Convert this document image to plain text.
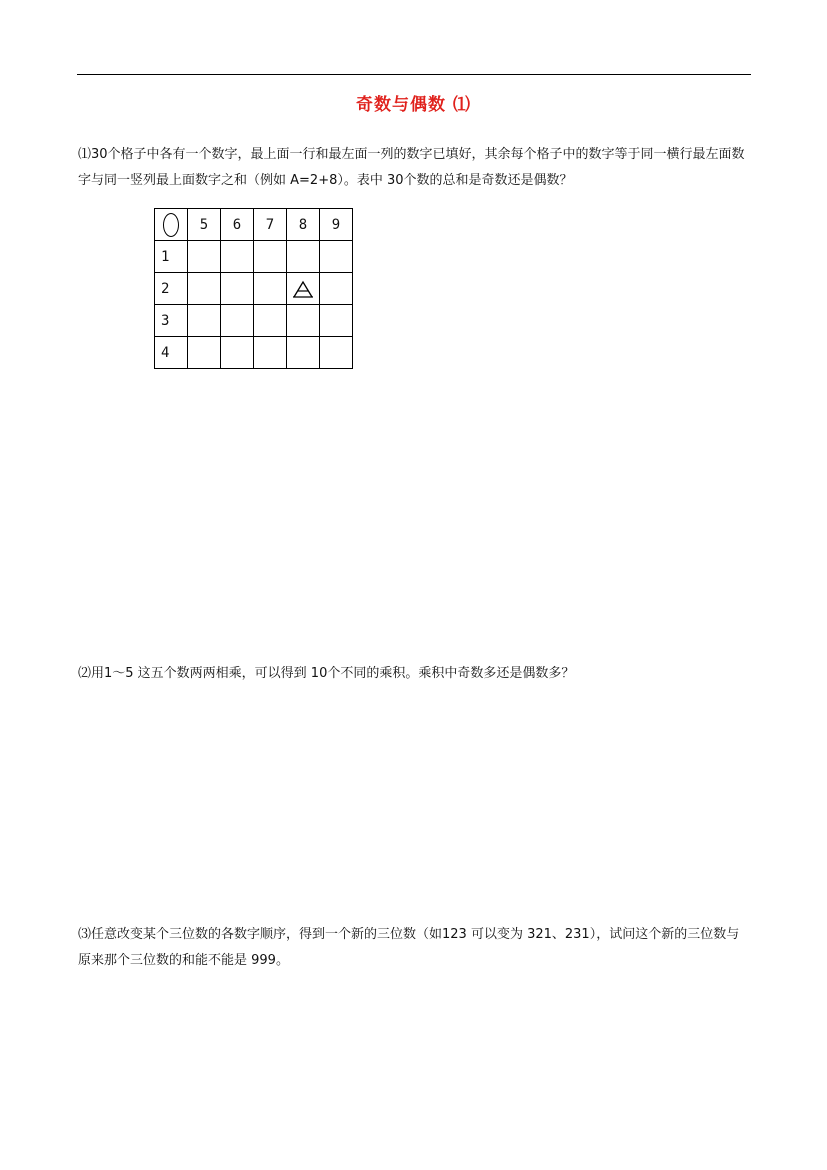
奇数与偶数 ⑴
⑴30个格子中各有一个数字，最上面一行和最左面一列的数字已填好，其余每个格子中的数字等于同一横行最左面数字与同一竖列最上面数字之和（例如 A=2+8）。表中 30个数的总和是奇数还是偶数？
	5	6	7	8	9
1					
2					
3					
4					
⑵用1～5 这五个数两两相乘，可以得到 10个不同的乘积。乘积中奇数多还是偶数多？
⑶任意改变某个三位数的各数字顺序，得到一个新的三位数（如123 可以变为 321、231），试问这个新的三位数与原来那个三位数的和能不能是 999。
